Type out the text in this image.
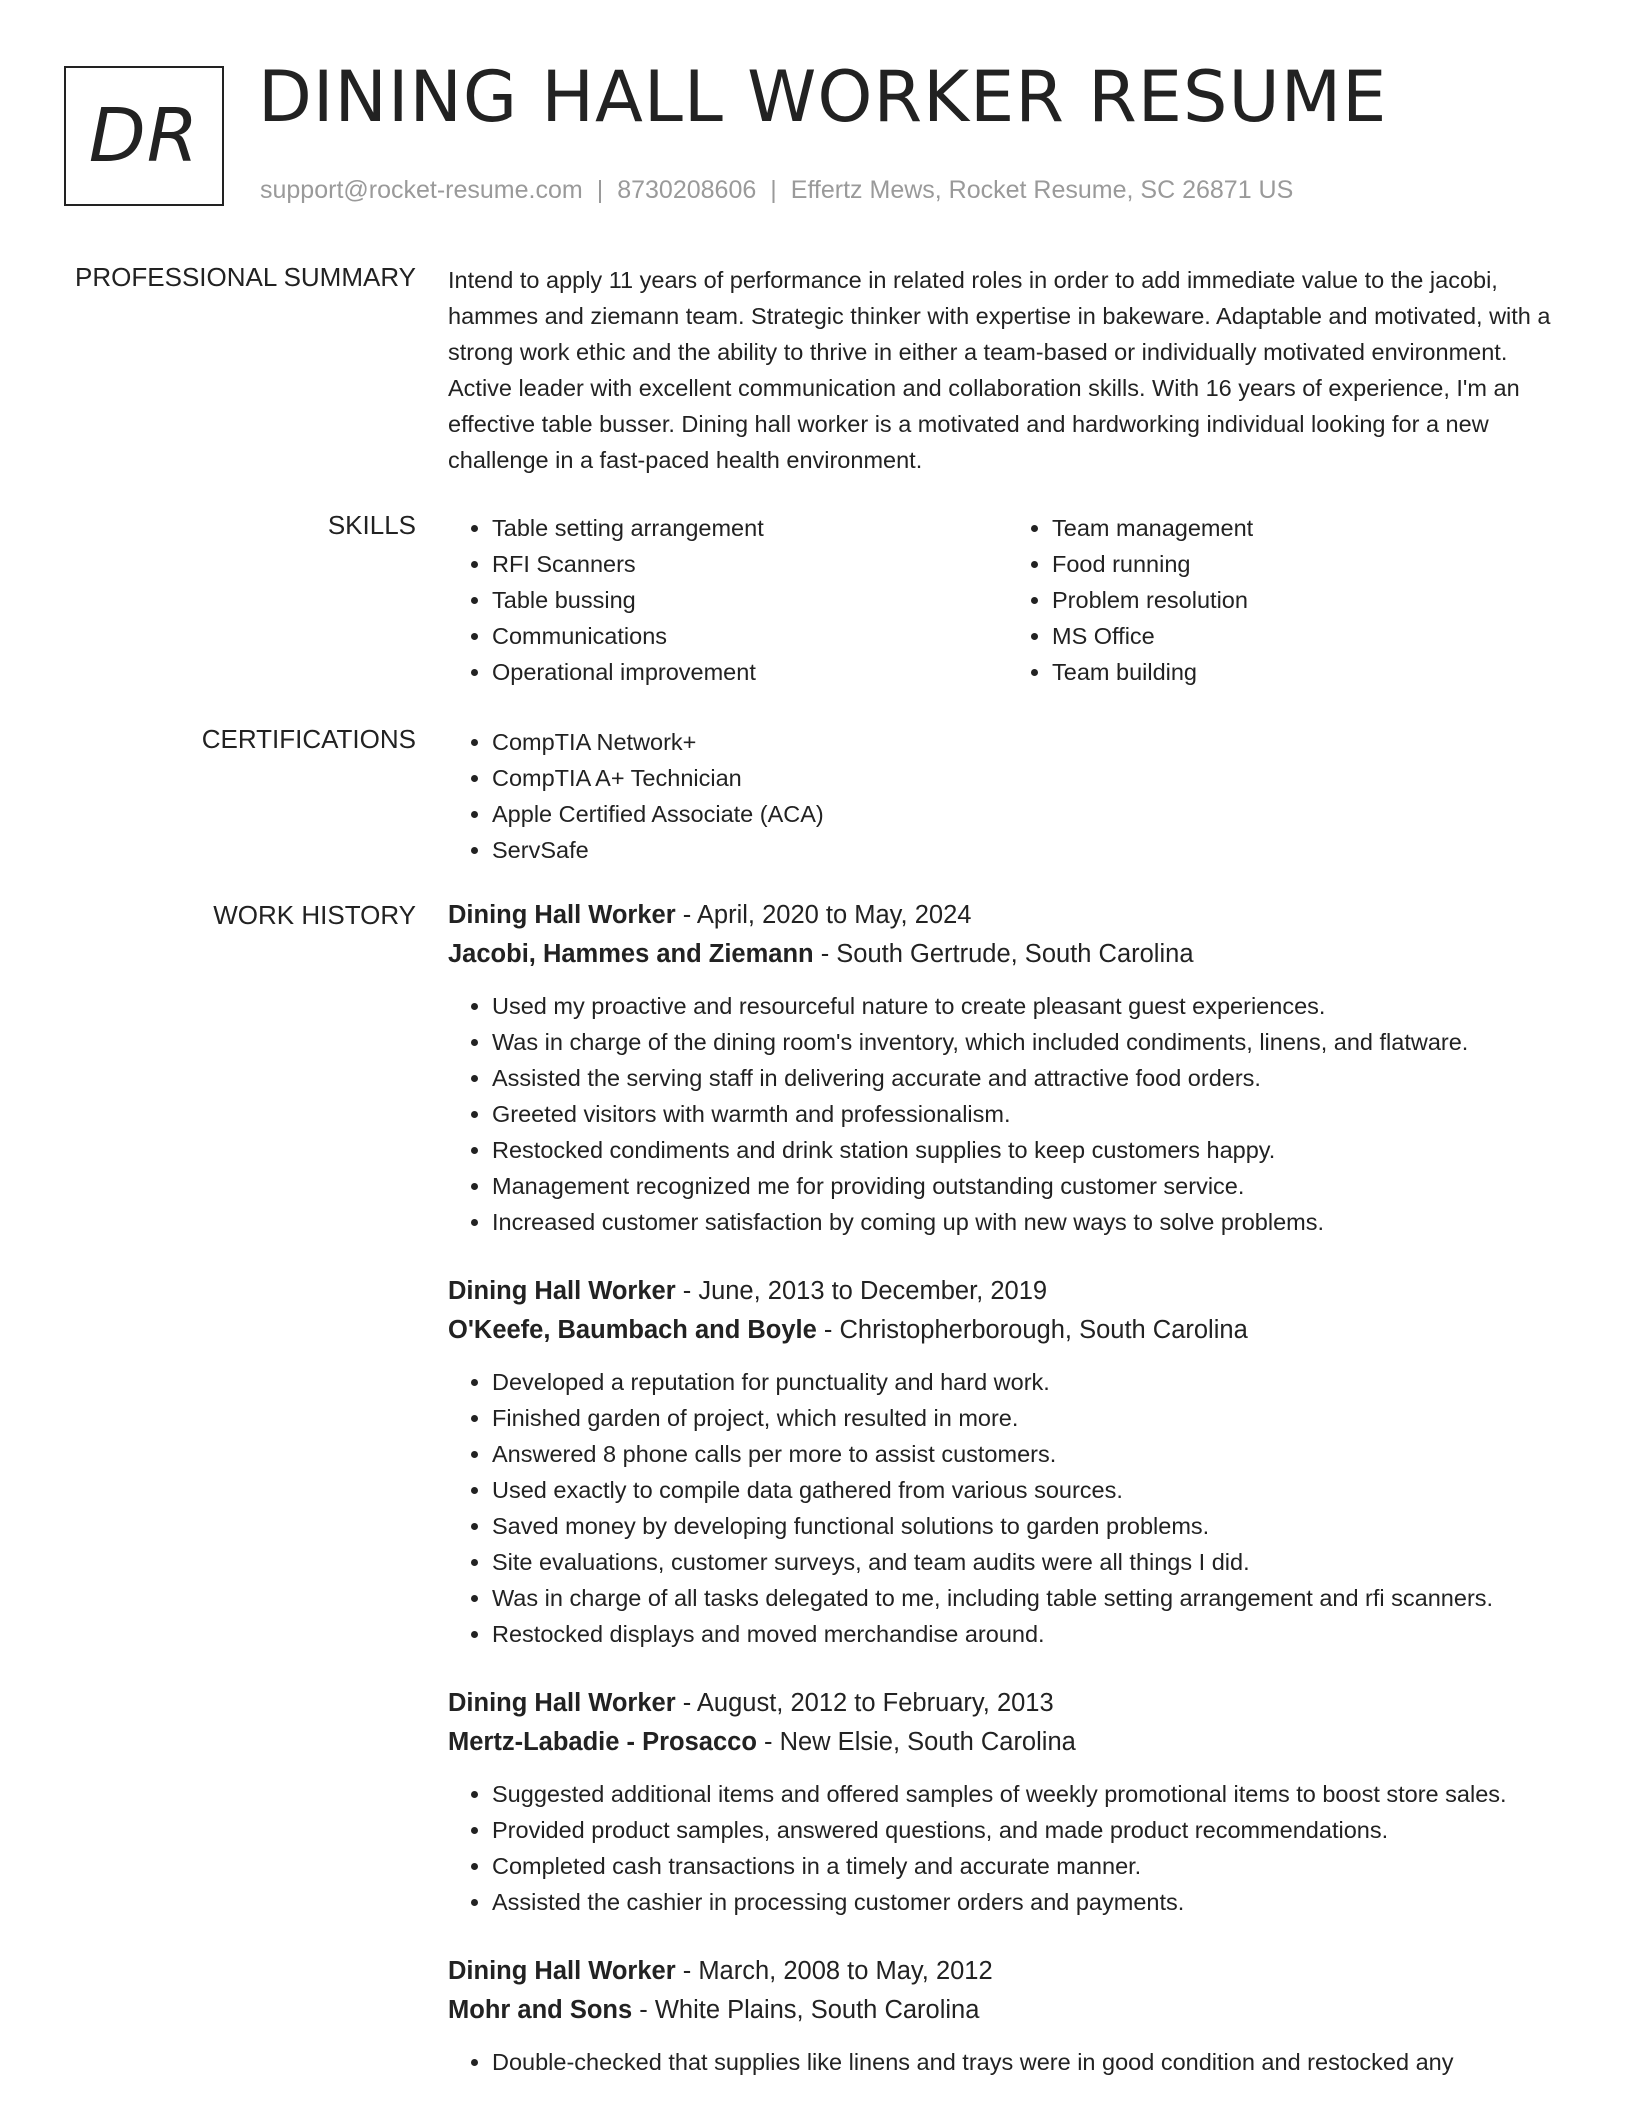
DR DINING HALL WORKER RESUME
support@rocket-resume.com | 8730208606 | Effertz Mews, Rocket Resume, SC 26871 US
PROFESSIONAL SUMMARY Intend to apply 11 years of performance in related roles in order to add immediate value to the jacobi, hammes and ziemann team. Strategic thinker with expertise in bakeware. Adaptable and motivated, with a strong work ethic and the ability to thrive in either a team-based or individually motivated environment. Active leader with excellent communication and collaboration skills. With 16 years of experience, I'm an effective table busser. Dining hall worker is a motivated and hardworking individual looking for a new challenge in a fast-paced health environment.

SKILLS	• Table setting arrangement
• RFI Scanners
• Table bussing
• Communications
• Operational improvement
• Team management
• Food running
• Problem resolution
• MS Office
• Team building
CERTIFICATIONS	• CompTIA Network+
• CompTIA A+ Technician
• Apple Certified Associate (ACA)
• ServSafe
WORK HISTORY Dining Hall Worker - April, 2020 to May, 2024
Jacobi, Hammes and Ziemann - South Gertrude, South Carolina
• Used my proactive and resourceful nature to create pleasant guest experiences.
• Was in charge of the dining room's inventory, which included condiments, linens, and flatware.
• Assisted the serving staff in delivering accurate and attractive food orders.
• Greeted visitors with warmth and professionalism.
• Restocked condiments and drink station supplies to keep customers happy.
• Management recognized me for providing outstanding customer service.
• Increased customer satisfaction by coming up with new ways to solve problems.
Dining Hall Worker - June, 2013 to December, 2019
O'Keefe, Baumbach and Boyle - Christopherborough, South Carolina
• Developed a reputation for punctuality and hard work.
• Finished garden of project, which resulted in more.
• Answered 8 phone calls per more to assist customers.
• Used exactly to compile data gathered from various sources.
• Saved money by developing functional solutions to garden problems.
• Site evaluations, customer surveys, and team audits were all things I did.
• Was in charge of all tasks delegated to me, including table setting arrangement and rfi scanners.
• Restocked displays and moved merchandise around.
Dining Hall Worker - August, 2012 to February, 2013
Mertz-Labadie - Prosacco - New Elsie, South Carolina
• Suggested additional items and offered samples of weekly promotional items to boost store sales.
• Provided product samples, answered questions, and made product recommendations.
• Completed cash transactions in a timely and accurate manner.
• Assisted the cashier in processing customer orders and payments.
Dining Hall Worker - March, 2008 to May, 2012
Mohr and Sons - White Plains, South Carolina
• Double-checked that supplies like linens and trays were in good condition and restocked any
